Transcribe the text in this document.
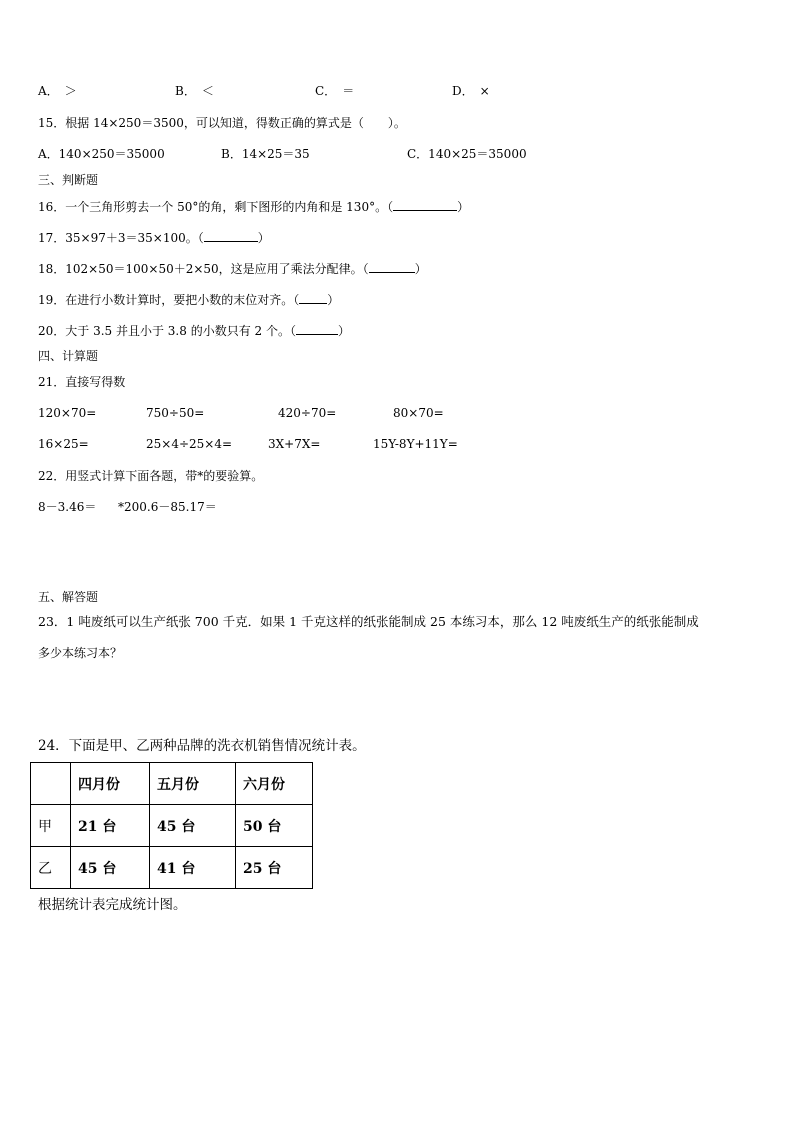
A． ＞	B． ＜	C． ＝	D． ×
15．根据 14×250＝3500，可以知道，得数正确的算式是（　　）。
A．140×250＝35000	B．14×25＝35	C．140×25＝35000
三、判断题
16．一个三角形剪去一个 50°的角，剩下图形的内角和是 130°。（	）
17．35×97＋3＝35×100。（	）
18．102×50＝100×50＋2×50，这是应用了乘法分配律。（	）
19．在进行小数计算时，要把小数的末位对齐。（ ）
20．大于 3.5 并且小于 3.8 的小数只有 2 个。（	）
四、计算题
21．直接写得数
120×70=	750÷50=	420÷70=	80×70=
16×25=	25×4÷25×4=	3X+7X=	15Y-8Y+11Y=
22．用竖式计算下面各题，带*的要验算。
8－3.46＝ *200.6－85.17＝
五、解答题
23．1 吨废纸可以生产纸张 700 千克．如果 1 千克这样的纸张能制成 25 本练习本，那么 12 吨废纸生产的纸张能制成
多少本练习本？
24．下面是甲、乙两种品牌的洗衣机销售情况统计表。
	四月份	五月份	六月份
甲	21 台	45 台	50 台
乙	45 台	41 台	25 台
根据统计表完成统计图。
